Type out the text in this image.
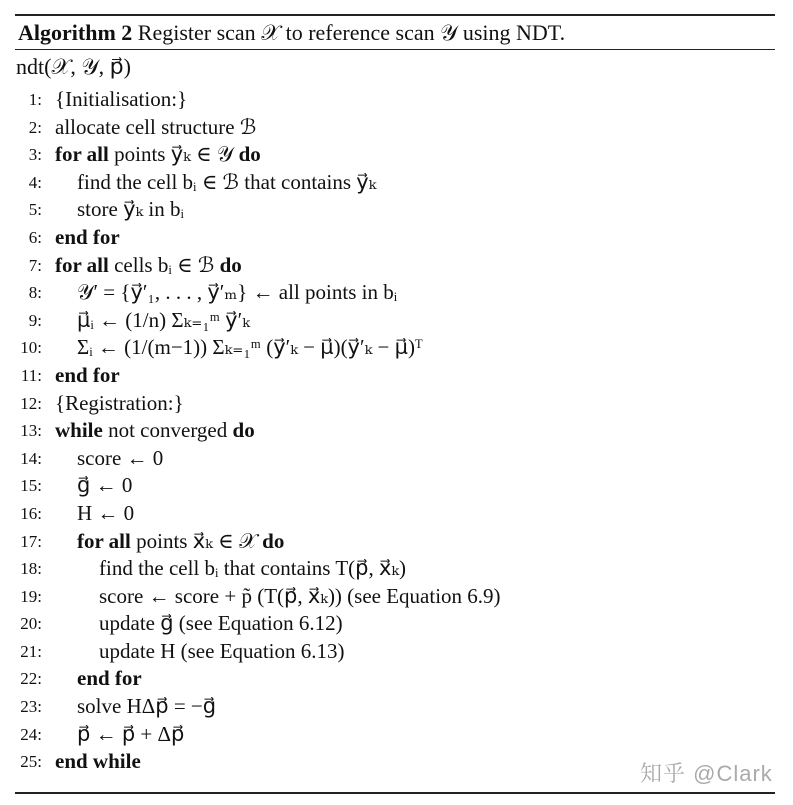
Algorithm 2 Register scan 𝒳 to reference scan 𝒴 using NDT.
ndt(𝒳, 𝒴, p⃗)
1: {Initialisation:}
2: allocate cell structure ℬ
3: for all points y⃗ₖ ∈ 𝒴 do
4: find the cell bᵢ ∈ ℬ that contains y⃗ₖ
5: store y⃗ₖ in bᵢ
6: end for
7: for all cells bᵢ ∈ ℬ do
8: 𝒴′ = {y⃗′₁, . . . , y⃗′ₘ} ← all points in bᵢ
9: μ⃗ᵢ ← (1/n) Σₖ₌₁ᵐ y⃗′ₖ
10: Σᵢ ← (1/(m−1)) Σₖ₌₁ᵐ (y⃗′ₖ − μ⃗)(y⃗′ₖ − μ⃗)ᵀ
11: end for
12: {Registration:}
13: while not converged do
14: score ← 0
15: g⃗ ← 0
16: H ← 0
17: for all points x⃗ₖ ∈ 𝒳 do
18:	find the cell bᵢ that contains T(p⃗, x⃗ₖ)
19:	score ← score + p̃ (T(p⃗, x⃗ₖ)) (see Equation 6.9)
20:	update g⃗ (see Equation 6.12)
21:	update H (see Equation 6.13)
22: end for
23: solve HΔp⃗ = −g⃗
24: p⃗ ← p⃗ + Δp⃗
25: end while	知乎 @Clark
